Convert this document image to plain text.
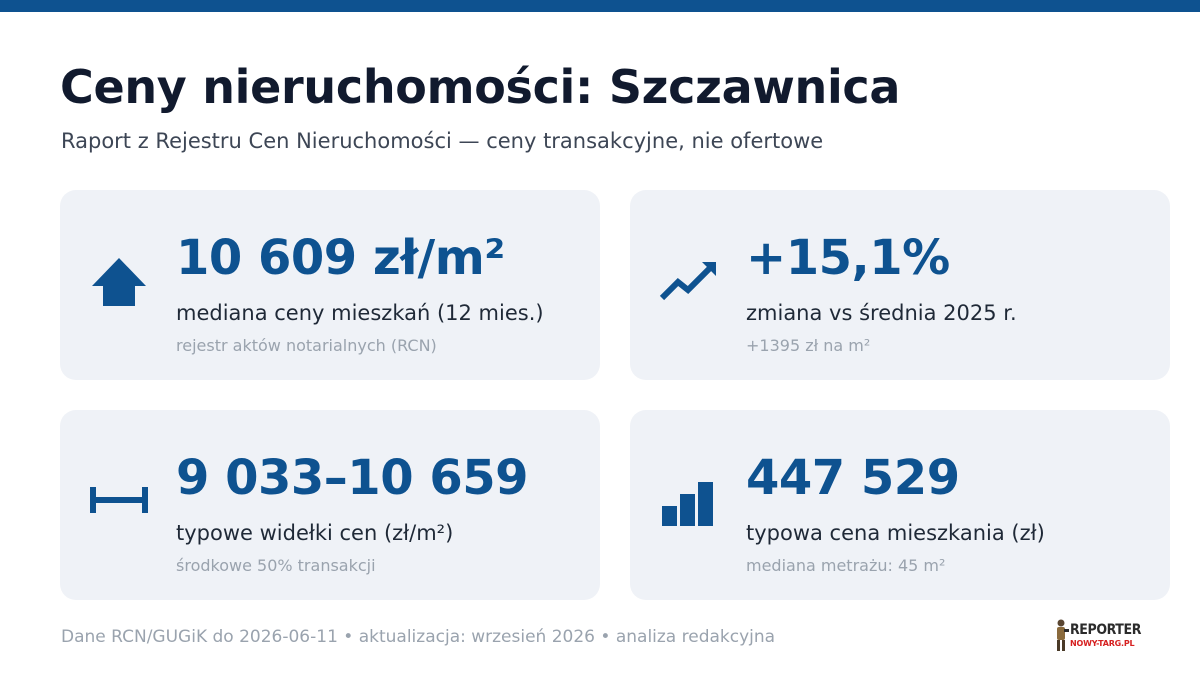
Ceny nieruchomości: Szczawnica
Raport z Rejestru Cen Nieruchomości — ceny transakcyjne, nie ofertowe
10 609 zł/m²
mediana ceny mieszkań (12 mies.)
rejestr aktów notarialnych (RCN)
+15,1%
zmiana vs średnia 2025 r.
+1395 zł na m²
9 033–10 659
typowe widełki cen (zł/m²)
środkowe 50% transakcji
447 529
typowa cena mieszkania (zł)
mediana metrażu: 45 m²
Dane RCN/GUGiK do 2026-06-11 • aktualizacja: wrzesień 2026 • analiza redakcyjna	REPORTER
NOWY-TARG.PL
